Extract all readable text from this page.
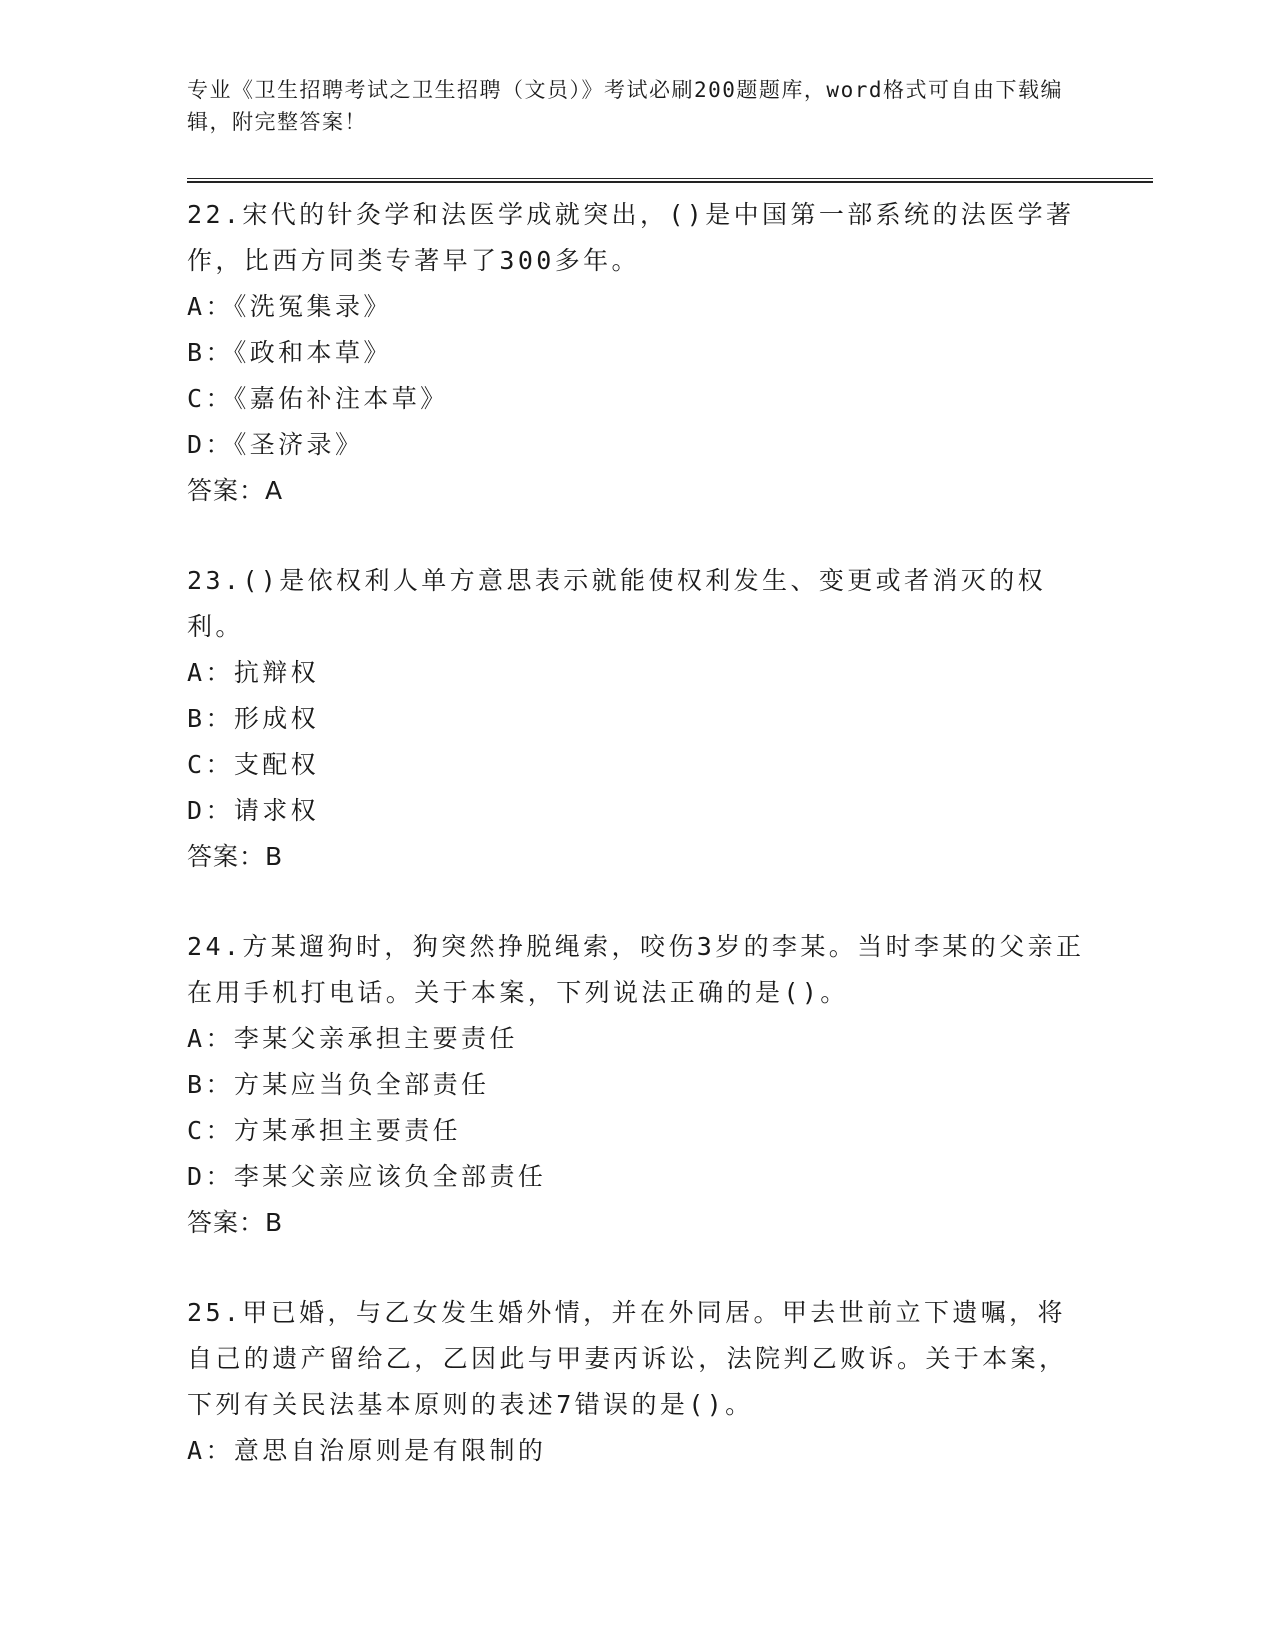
专业《卫生招聘考试之卫生招聘（文员）》考试必刷200题题库，word格式可自由下载编辑，附完整答案！

22.宋代的针灸学和法医学成就突出，()是中国第一部系统的法医学著作，比西方同类专著早了300多年。

A：《洗冤集录》

B：《政和本草》

C：《嘉佑补注本草》

D：《圣济录》

答案：A

23.()是依权利人单方意思表示就能使权利发生、变更或者消灭的权利。

A：抗辩权

B：形成权

C：支配权

D：请求权

答案：B

24.方某遛狗时，狗突然挣脱绳索，咬伤3岁的李某。当时李某的父亲正在用手机打电话。关于本案，下列说法正确的是()。

A：李某父亲承担主要责任

B：方某应当负全部责任

C：方某承担主要责任

D：李某父亲应该负全部责任

答案：B

25.甲已婚，与乙女发生婚外情，并在外同居。甲去世前立下遗嘱，将自己的遗产留给乙，乙因此与甲妻丙诉讼，法院判乙败诉。关于本案，下列有关民法基本原则的表述7错误的是()。

A：意思自治原则是有限制的
